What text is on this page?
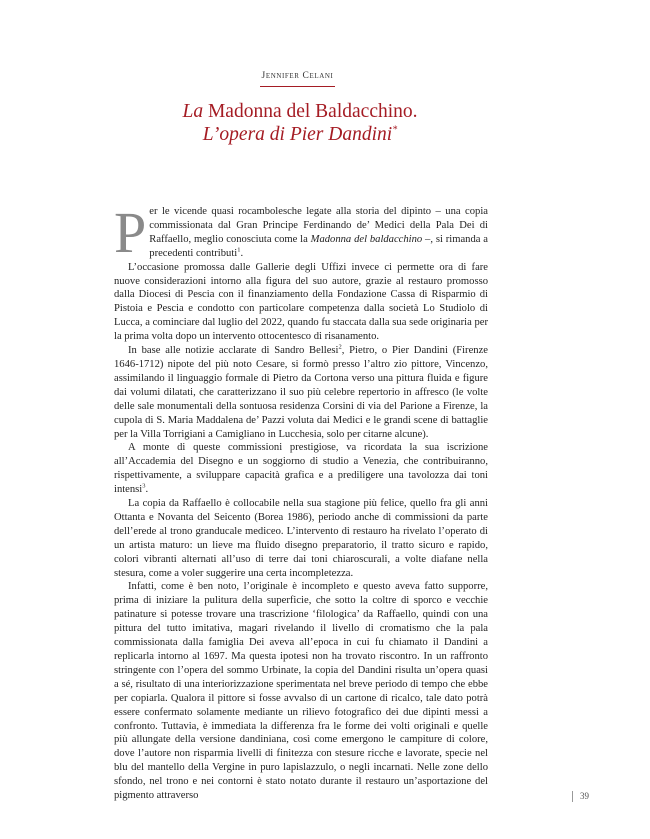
Jennifer Celani
La Madonna del Baldacchino.
L’opera di Pier Dandini*

Per le vicende quasi rocambolesche legate alla storia del dipinto – una copia commissionata dal Gran Principe Ferdinando de’ Medici della Pala Dei di Raffaello, meglio conosciuta come la Madonna del baldacchino –, si rimanda a precedenti contributi$^1$.

L’occasione promossa dalle Gallerie degli Uffizi invece ci permette ora di fare nuove considerazioni intorno alla figura del suo autore, grazie al restauro promosso dalla Diocesi di Pescia con il finanziamento della Fondazione Cassa di Risparmio di Pistoia e Pescia e condotto con particolare competenza dalla società Lo Studiolo di Lucca, a cominciare dal luglio del 2022, quando fu staccata dalla sua sede originaria per la prima volta dopo un intervento ottocentesco di risanamento.

In base alle notizie acclarate di Sandro Bellesi$^2$, Pietro, o Pier Dandini (Firenze 1646-1712) nipote del più noto Cesare, si formò presso l’altro zio pittore, Vincenzo, assimilando il linguaggio formale di Pietro da Cortona verso una pittura fluida e figure dai volumi dilatati, che caratterizzano il suo più celebre repertorio in affresco (le volte delle sale monumentali della sontuosa residenza Corsini di via del Parione a Firenze, la cupola di S. Maria Maddalena de’ Pazzi voluta dai Medici e le grandi scene di battaglie per la Villa Torrigiani a Camigliano in Lucchesia, solo per citarne alcune).

A monte di queste commissioni prestigiose, va ricordata la sua iscrizione all’Accademia del Disegno e un soggiorno di studio a Venezia, che contribuiranno, rispettivamente, a sviluppare capacità grafica e a prediligere una tavolozza dai toni intensi$^3$.

La copia da Raffaello è collocabile nella sua stagione più felice, quello fra gli anni Ottanta e Novanta del Seicento (Borea 1986), periodo anche di commissioni da parte dell’erede al trono granducale mediceo. L’intervento di restauro ha rivelato l’operato di un artista maturo: un lieve ma fluido disegno preparatorio, il tratto sicuro e rapido, colori vibranti alternati all’uso di terre dai toni chiaroscurali, a volte diafane nella stesura, come a voler suggerire una certa incompletezza.

Infatti, come è ben noto, l’originale è incompleto e questo aveva fatto supporre, prima di iniziare la pulitura della superficie, che sotto la coltre di sporco e vecchie patinature si potesse trovare una trascrizione ‘filologica’ da Raffaello, quindi con una pittura del tutto imitativa, magari rivelando il livello di cromatismo che la pala commissionata dalla famiglia Dei aveva all’epoca in cui fu chiamato il Dandini a replicarla intorno al 1697. Ma questa ipotesi non ha trovato riscontro. In un raffronto stringente con l’opera del sommo Urbinate, la copia del Dandini risulta un’opera quasi a sé, risultato di una interiorizzazione sperimentata nel breve periodo di tempo che ebbe per copiarla. Qualora il pittore si fosse avvalso di un cartone di ricalco, tale dato potrà essere confermato solamente mediante un rilievo fotografico dei due dipinti messi a confronto. Tuttavia, è immediata la differenza fra le forme dei volti originali e quelle più allungate della versione dandiniana, così come emergono le campiture di colore, dove l’autore non risparmia livelli di finitezza con stesure ricche e lavorate, specie nel blu del mantello della Vergine in puro lapislazzulo, o negli incarnati. Nelle zone dello sfondo, nel trono e nei contorni è stato notato durante il restauro un’asportazione del pigmento attraverso	39
